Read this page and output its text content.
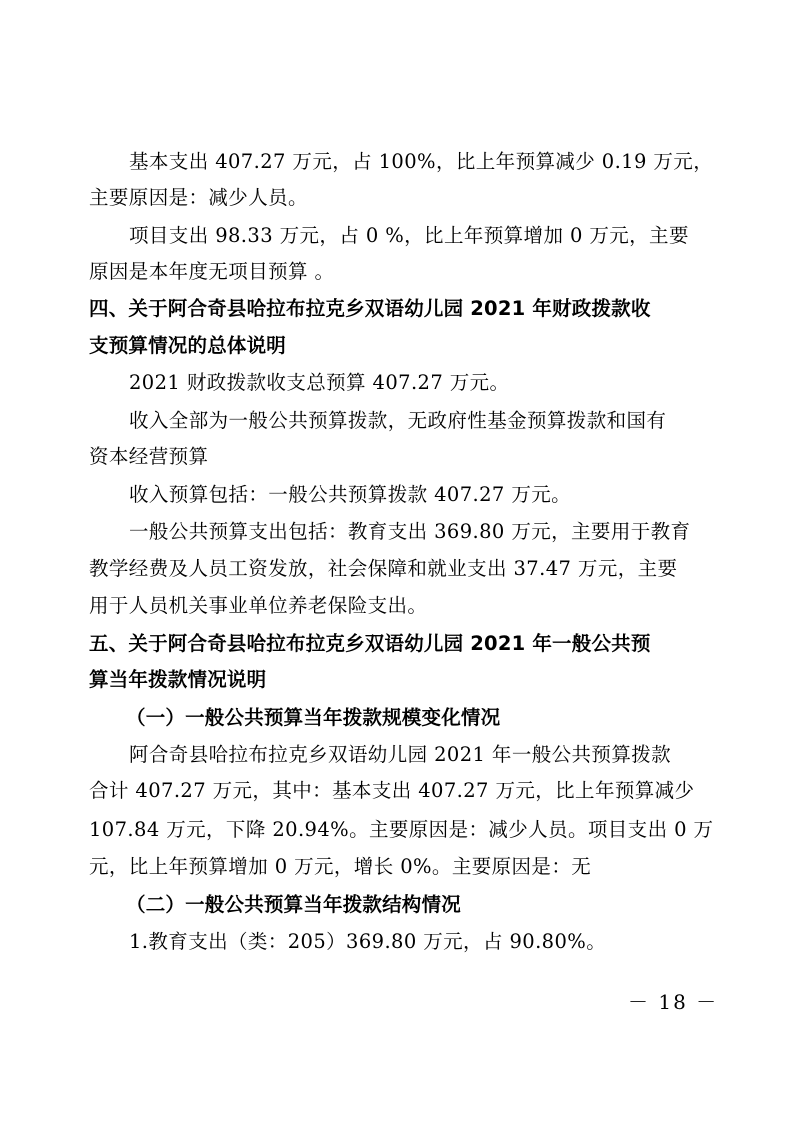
基本支出 407.27 万元，占 100%，比上年预算减少 0.19 万元，
主要原因是：减少人员。
项目支出 98.33 万元，占 0 %，比上年预算增加 0 万元，主要
原因是本年度无项目预算 。
四、关于阿合奇县哈拉布拉克乡双语幼儿园 2021 年财政拨款收
支预算情况的总体说明
2021 财政拨款收支总预算 407.27 万元。
收入全部为一般公共预算拨款，无政府性基金预算拨款和国有
资本经营预算
收入预算包括：一般公共预算拨款 407.27 万元。
一般公共预算支出包括：教育支出 369.80 万元，主要用于教育
教学经费及人员工资发放，社会保障和就业支出 37.47 万元，主要
用于人员机关事业单位养老保险支出。
五、关于阿合奇县哈拉布拉克乡双语幼儿园 2021 年一般公共预
算当年拨款情况说明
（一）一般公共预算当年拨款规模变化情况
阿合奇县哈拉布拉克乡双语幼儿园 2021 年一般公共预算拨款
合计 407.27 万元，其中：基本支出 407.27 万元，比上年预算减少
107.84 万元，下降 20.94%。主要原因是：减少人员。项目支出 0 万
元，比上年预算增加 0 万元，增长 0%。主要原因是：无
（二）一般公共预算当年拨款结构情况
1.教育支出（类：205）369.80 万元，占 90.80%。
－ 18 －
